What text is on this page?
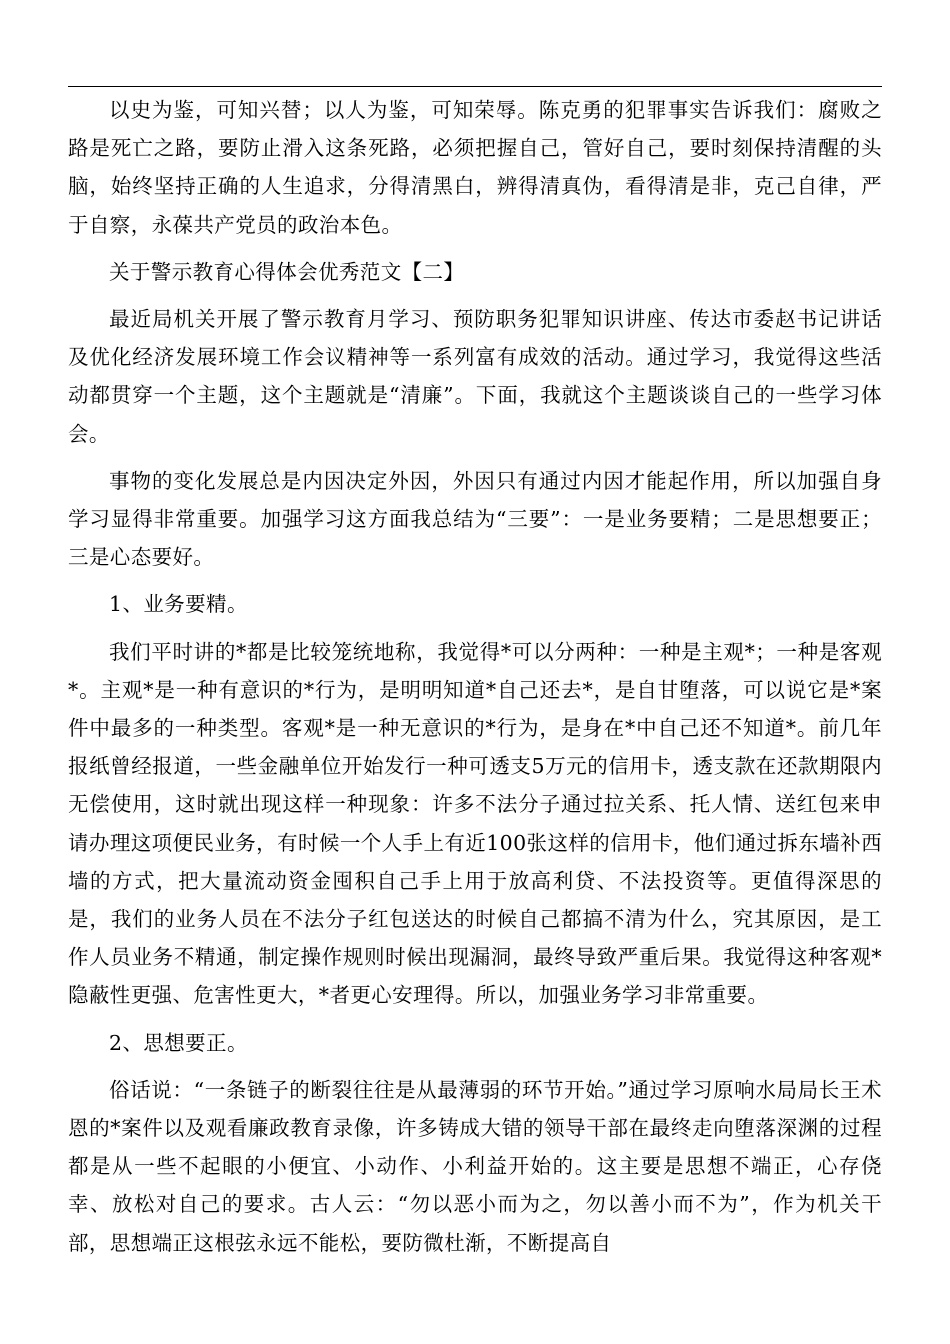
以史为鉴，可知兴替；以人为鉴，可知荣辱。陈克勇的犯罪事实告诉我们：腐败之路是死亡之路，要防止滑入这条死路，必须把握自己，管好自己，要时刻保持清醒的头脑，始终坚持正确的人生追求，分得清黑白，辨得清真伪，看得清是非，克己自律，严于自察，永葆共产党员的政治本色。

关于警示教育心得体会优秀范文【二】

最近局机关开展了警示教育月学习、预防职务犯罪知识讲座、传达市委赵书记讲话及优化经济发展环境工作会议精神等一系列富有成效的活动。通过学习，我觉得这些活动都贯穿一个主题，这个主题就是“清廉”。下面，我就这个主题谈谈自己的一些学习体会。

事物的变化发展总是内因决定外因，外因只有通过内因才能起作用，所以加强自身学习显得非常重要。加强学习这方面我总结为“三要”：一是业务要精；二是思想要正；三是心态要好。

1、业务要精。

我们平时讲的*都是比较笼统地称，我觉得*可以分两种：一种是主观*；一种是客观*。主观*是一种有意识的*行为，是明明知道*自己还去*，是自甘堕落，可以说它是*案件中最多的一种类型。客观*是一种无意识的*行为，是身在*中自己还不知道*。前几年报纸曾经报道，一些金融单位开始发行一种可透支5万元的信用卡，透支款在还款期限内无偿使用，这时就出现这样一种现象：许多不法分子通过拉关系、托人情、送红包来申请办理这项便民业务，有时候一个人手上有近100张这样的信用卡，他们通过拆东墙补西墙的方式，把大量流动资金囤积自己手上用于放高利贷、不法投资等。更值得深思的是，我们的业务人员在不法分子红包送达的时候自己都搞不清为什么，究其原因，是工作人员业务不精通，制定操作规则时候出现漏洞，最终导致严重后果。我觉得这种客观*隐蔽性更强、危害性更大，*者更心安理得。所以，加强业务学习非常重要。

2、思想要正。

俗话说：“一条链子的断裂往往是从最薄弱的环节开始。”通过学习原响水局局长王术恩的*案件以及观看廉政教育录像，许多铸成大错的领导干部在最终走向堕落深渊的过程都是从一些不起眼的小便宜、小动作、小利益开始的。这主要是思想不端正，心存侥幸、放松对自己的要求。古人云：“勿以恶小而为之，勿以善小而不为”，作为机关干部，思想端正这根弦永远不能松，要防微杜渐，不断提高自
